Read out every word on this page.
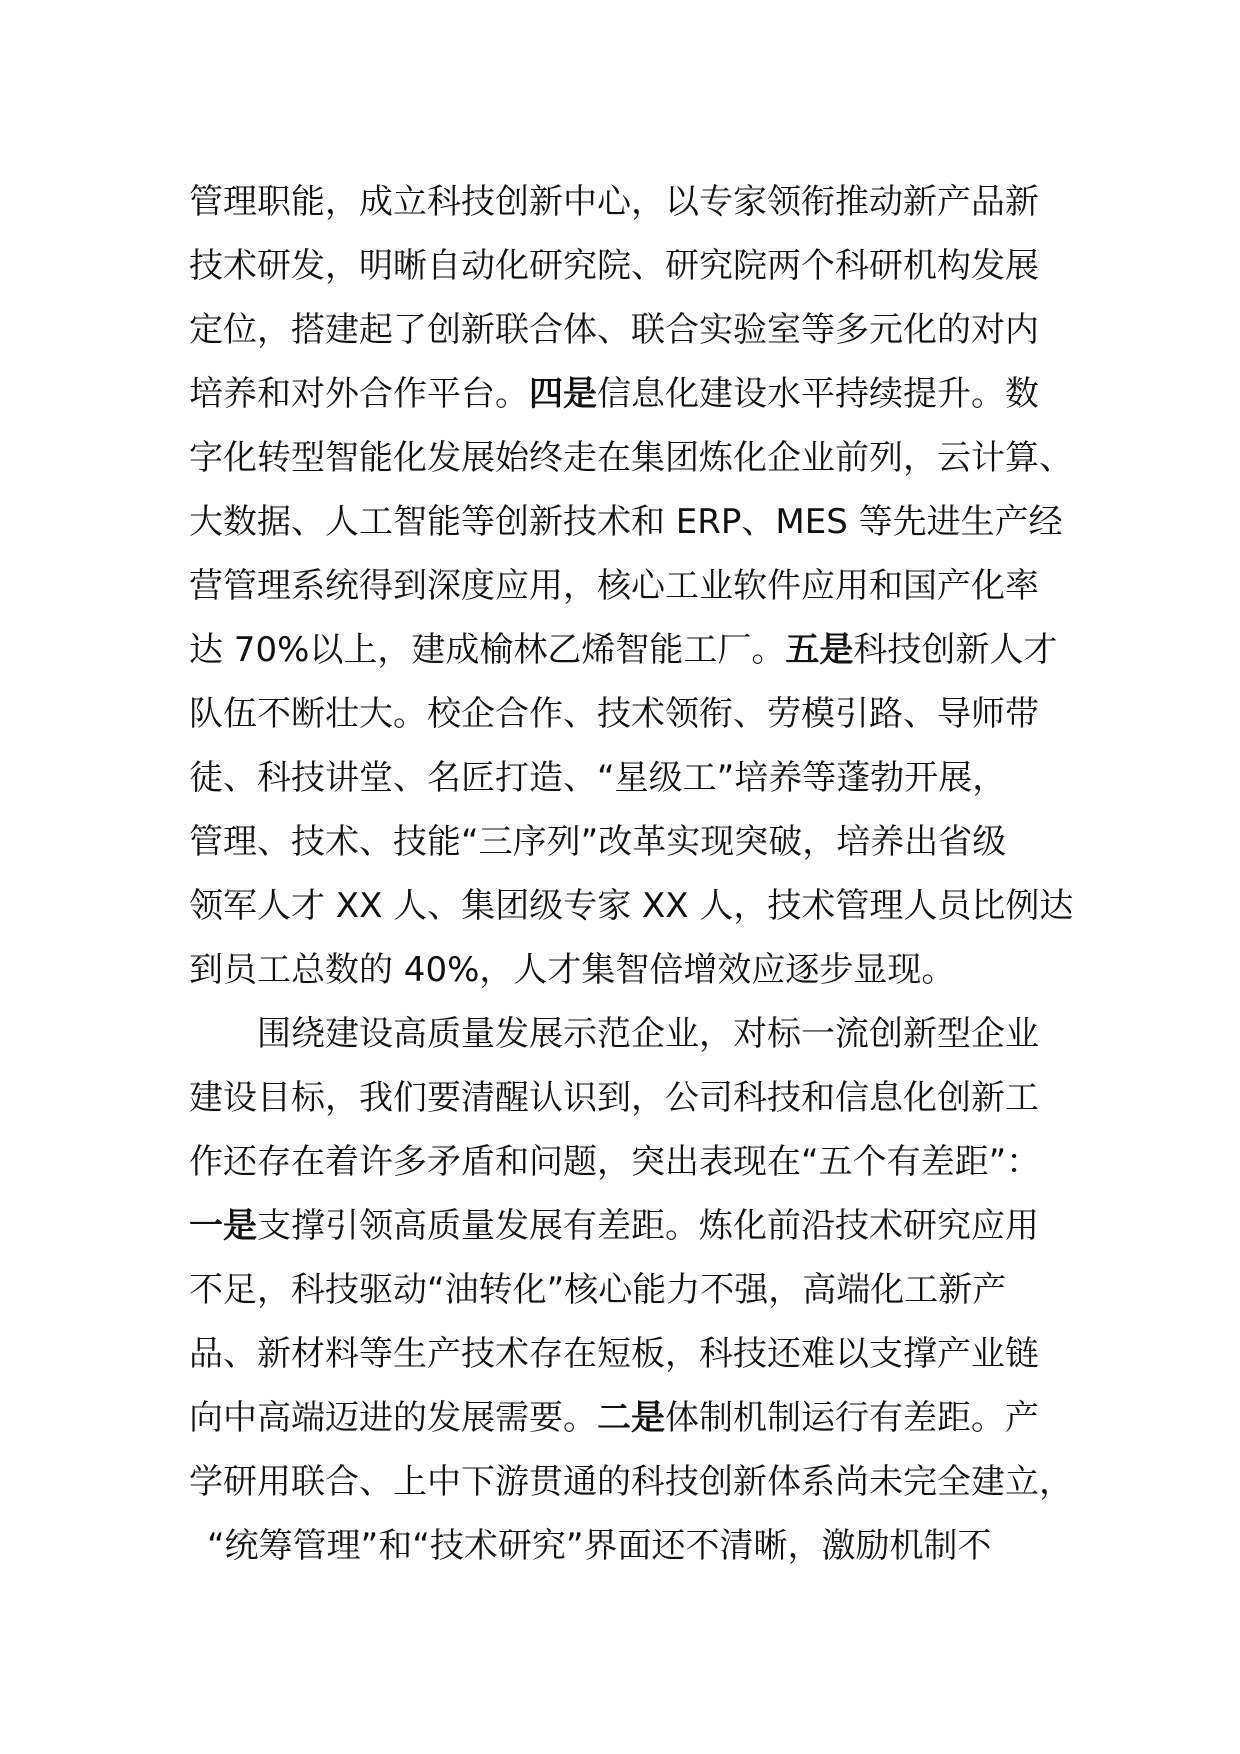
管理职能，成立科技创新中心，以专家领衔推动新产品新
技术研发，明晰自动化研究院、研究院两个科研机构发展
定位，搭建起了创新联合体、联合实验室等多元化的对内
培养和对外合作平台。四是信息化建设水平持续提升。数
字化转型智能化发展始终走在集团炼化企业前列，云计算、
大数据、人工智能等创新技术和 ERP、MES 等先进生产经
营管理系统得到深度应用，核心工业软件应用和国产化率
达 70%以上，建成榆林乙烯智能工厂。五是科技创新人才
队伍不断壮大。校企合作、技术领衔、劳模引路、导师带
徒、科技讲堂、名匠打造、“星级工”培养等蓬勃开展，
管理、技术、技能“三序列”改革实现突破，培养出省级
领军人才 XX 人、集团级专家 XX 人，技术管理人员比例达
到员工总数的 40%，人才集智倍增效应逐步显现。
围绕建设高质量发展示范企业，对标一流创新型企业
建设目标，我们要清醒认识到，公司科技和信息化创新工
作还存在着许多矛盾和问题，突出表现在“五个有差距”：
一是支撑引领高质量发展有差距。炼化前沿技术研究应用
不足，科技驱动“油转化”核心能力不强，高端化工新产
品、新材料等生产技术存在短板，科技还难以支撑产业链
向中高端迈进的发展需要。二是体制机制运行有差距。产
学研用联合、上中下游贯通的科技创新体系尚未完全建立，
“统筹管理”和“技术研究”界面还不清晰，激励机制不
